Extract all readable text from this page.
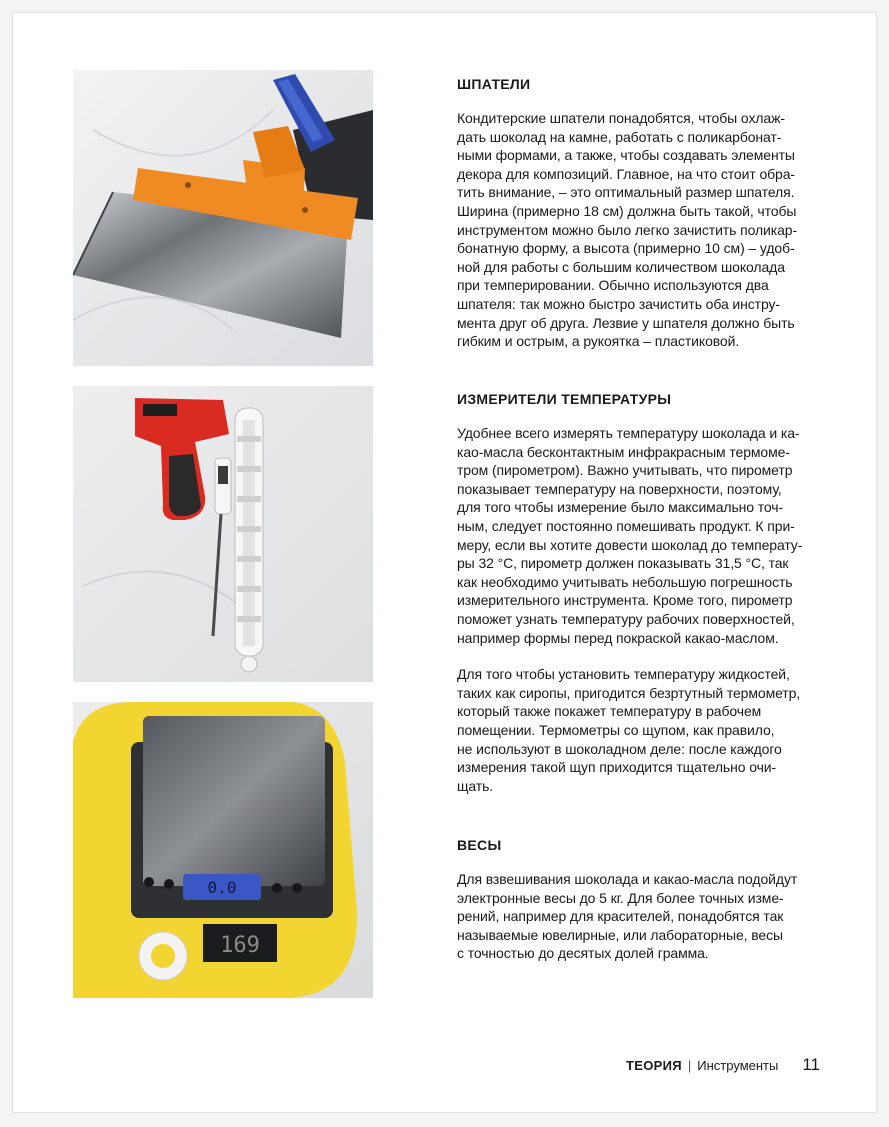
0.0
169
ШПАТЕЛИ

Кондитерские шпатели понадобятся, чтобы охлаж-
дать шоколад на камне, работать с поликарбонат-
ными формами, а также, чтобы создавать элементы
декора для композиций. Главное, на что стоит обра-
тить внимание, – это оптимальный размер шпателя.
Ширина (примерно 18 см) должна быть такой, чтобы
инструментом можно было легко зачистить поликар-
бонатную форму, а высота (примерно 10 см) – удоб-
ной для работы с большим количеством шоколада
при темперировании. Обычно используются два
шпателя: так можно быстро зачистить оба инстру-
мента друг об друга. Лезвие у шпателя должно быть
гибким и острым, а рукоятка – пластиковой.

ИЗМЕРИТЕЛИ ТЕМПЕРАТУРЫ

Удобнее всего измерять температуру шоколада и ка-
као-масла бесконтактным инфракрасным термоме-
тром (пирометром). Важно учитывать, что пирометр
показывает температуру на поверхности, поэтому,
для того чтобы измерение было максимально точ-
ным, следует постоянно помешивать продукт. К при-
меру, если вы хотите довести шоколад до температу-
ры 32 °С, пирометр должен показывать 31,5 °С, так
как необходимо учитывать небольшую погрешность
измерительного инструмента. Кроме того, пирометр
поможет узнать температуру рабочих поверхностей,
например формы перед покраской какао-маслом.

Для того чтобы установить температуру жидкостей,
таких как сиропы, пригодится безртутный термометр,
который также покажет температуру в рабочем
помещении. Термометры со щупом, как правило,
не используют в шоколадном деле: после каждого
измерения такой щуп приходится тщательно очи-
щать.

ВЕСЫ

Для взвешивания шоколада и какао-масла подойдут
электронные весы до 5 кг. Для более точных изме-
рений, например для красителей, понадобятся так
называемые ювелирные, или лабораторные, весы
с точностью до десятых долей грамма.

ТЕОРИЯ | Инструменты 11
